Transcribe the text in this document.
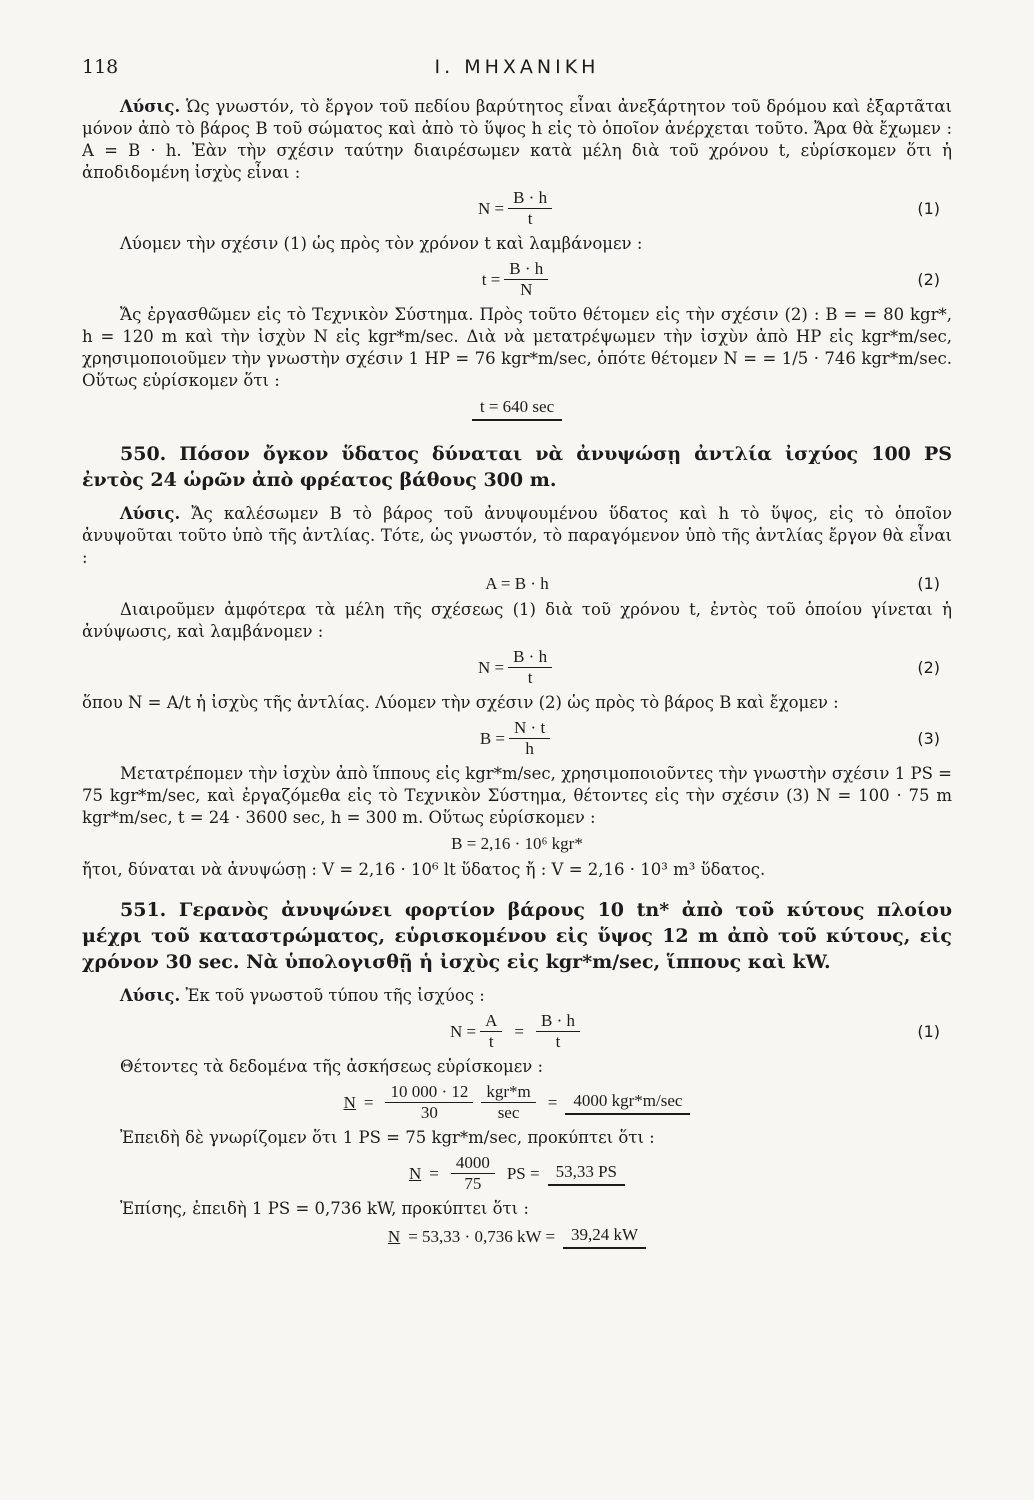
118	Ι. ΜΗΧΑΝΙΚΗ

Λύσις. Ὡς γνωστόν, τὸ ἔργον τοῦ πεδίου βαρύτητος εἶναι ἀνεξάρτητον τοῦ δρόμου καὶ ἐξαρτᾶται μόνον ἀπὸ τὸ βάρος B τοῦ σώματος καὶ ἀπὸ τὸ ὕψος h εἰς τὸ ὁποῖον ἀνέρχεται τοῦτο. Ἄρα θὰ ἔχωμεν : A = B · h. Ἐὰν τὴν σχέσιν ταύτην διαιρέσωμεν κατὰ μέλη διὰ τοῦ χρόνου t, εὑρίσκομεν ὅτι ἡ ἀποδιδομένη ἰσχὺς εἶναι :

$N = \frac{B \cdot h}{t}$	(1)

Λύομεν τὴν σχέσιν (1) ὡς πρὸς τὸν χρόνον t καὶ λαμβάνομεν :

$t = \frac{B \cdot h}{N}$	(2)

Ἄς ἐργασθῶμεν εἰς τὸ Τεχνικὸν Σύστημα. Πρὸς τοῦτο θέτομεν εἰς τὴν σχέσιν (2) : B = = 80 kgr*, h = 120 m καὶ τὴν ἰσχὺν N εἰς kgr*m/sec. Διὰ νὰ μετατρέψωμεν τὴν ἰσχὺν ἀπὸ HP εἰς kgr*m/sec, χρησιμοποιοῦμεν τὴν γνωστὴν σχέσιν 1 HP = 76 kgr*m/sec, ὁπότε θέτομεν N = = 1/5 · 746 kgr*m/sec. Οὕτως εὑρίσκομεν ὅτι :

t = 640 sec

550. Πόσον ὄγκον ὕδατος δύναται νὰ ἀνυψώσῃ ἀντλία ἰσχύος 100 PS ἐντὸς 24 ὡρῶν ἀπὸ φρέατος βάθους 300 m.

Λύσις. Ἄς καλέσωμεν B τὸ βάρος τοῦ ἀνυψουμένου ὕδατος καὶ h τὸ ὕψος, εἰς τὸ ὁποῖον ἀνυψοῦται τοῦτο ὑπὸ τῆς ἀντλίας. Τότε, ὡς γνωστόν, τὸ παραγόμενον ὑπὸ τῆς ἀντλίας ἔργον θὰ εἶναι :

A = B · h	(1)

Διαιροῦμεν ἀμφότερα τὰ μέλη τῆς σχέσεως (1) διὰ τοῦ χρόνου t, ἐντὸς τοῦ ὁποίου γίνεται ἡ ἀνύψωσις, καὶ λαμβάνομεν :

$N = \frac{B \cdot h}{t}$	(2)

ὅπου N = A/t ἡ ἰσχὺς τῆς ἀντλίας. Λύομεν τὴν σχέσιν (2) ὡς πρὸς τὸ βάρος B καὶ ἔχομεν :

$B = \frac{N \cdot t}{h}$	(3)

Μετατρέπομεν τὴν ἰσχὺν ἀπὸ ἵππους εἰς kgr*m/sec, χρησιμοποιοῦντες τὴν γνωστὴν σχέσιν 1 PS = 75 kgr*m/sec, καὶ ἐργαζόμεθα εἰς τὸ Τεχνικὸν Σύστημα, θέτοντες εἰς τὴν σχέσιν (3) N = 100 · 75 m kgr*m/sec, t = 24 · 3600 sec, h = 300 m. Οὕτως εὑρίσκομεν :

B = 2,16 · 10⁶ kgr*

ἤτοι, δύναται νὰ ἀνυψώσῃ : V = 2,16 · 10⁶ lt ὕδατος ἤ : V = 2,16 · 10³ m³ ὕδατος.

551. Γερανὸς ἀνυψώνει φορτίον βάρους 10 tn* ἀπὸ τοῦ κύτους πλοίου μέχρι τοῦ καταστρώματος, εὑρισκομένου εἰς ὕψος 12 m ἀπὸ τοῦ κύτους, εἰς χρόνον 30 sec. Νὰ ὑπολογισθῇ ἡ ἰσχὺς εἰς kgr*m/sec, ἵππους καὶ kW.

Λύσις. Ἐκ τοῦ γνωστοῦ τύπου τῆς ἰσχύος :

$N = \frac{A}{t} = \frac{B \cdot h}{t}$	(1)

Θέτοντες τὰ δεδομένα τῆς ἀσκήσεως εὑρίσκομεν :

$N = \frac{10 000 \cdot 12}{30} \frac{\text{kgr*m}}{\sec} = 4000$ kgr*m/sec

Ἐπειδὴ δὲ γνωρίζομεν ὅτι 1 PS = 75 kgr*m/sec, προκύπτει ὅτι :

$N = \frac{4000}{75}$ PS = 53,33 PS

Ἐπίσης, ἐπειδὴ 1 PS = 0,736 kW, προκύπτει ὅτι :

N = 53,33 · 0,736 kW = 39,24 kW
